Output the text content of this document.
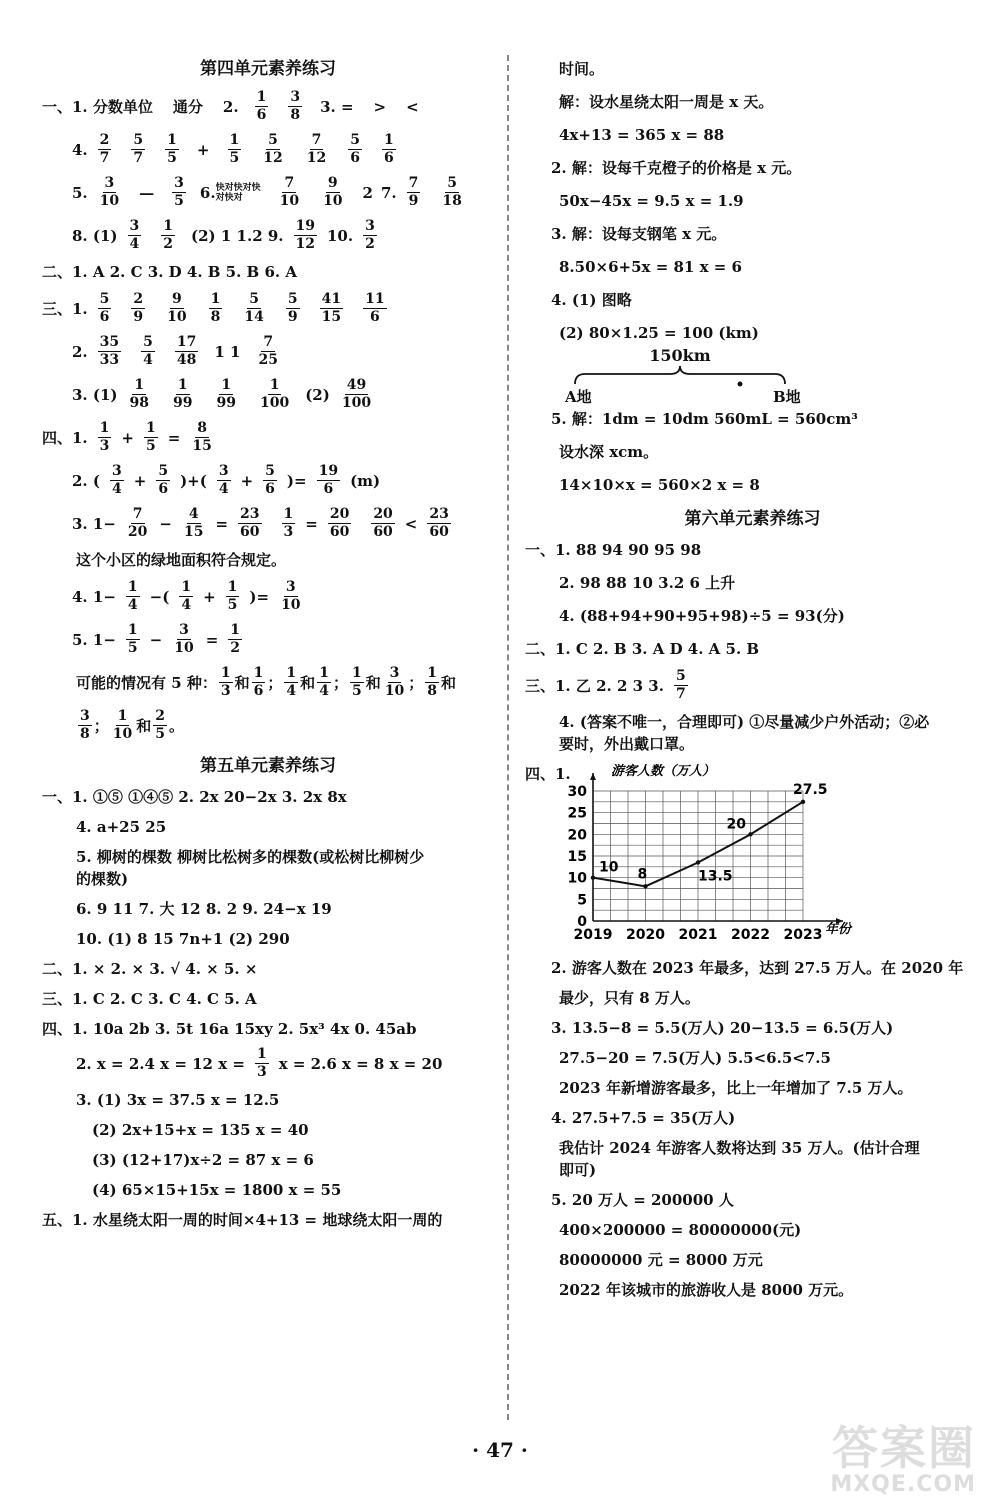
第四单元素养练习
一、1. 分数单位 通分 2. $\frac{1}{6} \frac{3}{8} 3$. = > <
4. $\frac{2}{7} \frac{5}{7} \frac{1}{5} + \frac{1}{5} \frac{5}{12} \frac{7}{12} \frac{5}{6} \frac{1}{6}$
5. $\frac{3}{10}$ — $\frac{3}{5} 6$. 快对快对快对快对	$\frac{7}{10} \frac{9}{10} 2$ 7. $\frac{7}{9} \frac{5}{18}$
8. $(1) \frac{3}{4} \frac{1}{2} (2)$ 1 1.2 9. $\frac{19}{12} 10$. $\frac{3}{2}$

二、1. A 2. C 3. D 4. B 5. B 6. A

三、1. $\frac{5}{6} \frac{2}{9} \frac{9}{10} \frac{1}{8} \frac{5}{14} \frac{5}{9} \frac{41}{15} \frac{11}{6}$
2. $\frac{35}{33} \frac{5}{4} \frac{17}{48} 1$ $1 \frac{7}{25}$
3. $(1) \frac{1}{98} \frac{1}{99} \frac{1}{99} \frac{1}{100} (2) \frac{49}{100}$
四、1. $\frac{1}{3} + \frac{1}{5} = \frac{8}{15}$
2. ( $\frac{3}{4} + \frac{5}{6}$ )+( $\frac{3}{4} + \frac{5}{6}$ )= $\frac{19}{6} (m)$
3. $1- \frac{7}{20} - \frac{4}{15} = \frac{23}{60} \frac{1}{3} = \frac{20}{60} \frac{20}{60} < \frac{23}{60}$

这个小区的绿地面积符合规定。

4. $1- \frac{1}{4}$ −( $\frac{1}{4} + \frac{1}{5}$ )= $\frac{3}{10}$
5. $1- \frac{1}{5} - \frac{3}{10} = \frac{1}{2}$
可能的情况有 5 种： $\frac{1}{3}$ 和 $\frac{1}{6}$ ； $\frac{1}{4}$ 和 $\frac{1}{4}$ ； $\frac{1}{5}$ 和 $\frac{3}{10}$ ； $\frac{1}{8}$ 和
$\frac{3}{8}$ ； $\frac{1}{10}$ 和 $\frac{2}{5}$ 。
第五单元素养练习

一、1. ①⑤ ①④⑤ 2. 2x 20−2x 3. 2x 8x

4. a+25 25

5. 柳树的棵数 柳树比松树多的棵数(或松树比柳树少

的棵数)

6. 9 11 7. 大 12 8. 2 9. 24−x 19

10. (1) 8 15 7n+1 (2) 290

二、1. × 2. × 3. √ 4. × 5. ×

三、1. C 2. C 3. C 4. C 5. A

四、1. 10a 2b 3. 5t 16a 15xy 2. 5x³ 4x 0. 45ab

2. x = 2.4 x = 12 $x = \frac{1}{3}$ x = 2.6 x = 8 x = 20

3. (1) 3x = 37.5 x = 12.5

(2) 2x+15+x = 135 x = 40

(3) (12+17)x÷2 = 87 x = 6

(4) 65×15+15x = 1800 x = 55

五、1. 水星绕太阳一周的时间×4+13 = 地球绕太阳一周的

时间。

解：设水星绕太阳一周是 x 天。

4x+13 = 365 x = 88

2. 解：设每千克橙子的价格是 x 元。

50x−45x = 9.5 x = 1.9

3. 解：设每支钢笔 x 元。

8.50×6+5x = 81 x = 6

4. (1) 图略

(2) 80×1.25 = 100 (km)

150km
A地	B地

5. 解：1dm = 10dm 560mL = 560cm³

设水深 xcm。

14×10×x = 560×2 x = 8

第六单元素养练习

一、1. 88 94 90 95 98

2. 98 88 10 3.2 6 上升

4. (88+94+90+95+98)÷5 = 93(分)

二、1. C 2. B 3. A D 4. A 5. B

三、1. 乙 2. 2 3 3. $\frac{5}{7}$

4. (答案不唯一，合理即可) ①尽量减少户外活动；②必

要时，外出戴口罩。

四、1.
0
5
10
15
20
25
30
2019 2020 2021 2022 2023
游客人数（万人）
年份
10 8	13.5
20
27.5

2. 游客人数在 2023 年最多，达到 27.5 万人。在 2020 年

最少，只有 8 万人。

3. 13.5−8 = 5.5(万人) 20−13.5 = 6.5(万人)

27.5−20 = 7.5(万人) 5.5<6.5<7.5

2023 年新增游客最多，比上一年增加了 7.5 万人。

4. 27.5+7.5 = 35(万人)

我估计 2024 年游客人数将达到 35 万人。(估计合理

即可)

5. 20 万人 = 200000 人

400×200000 = 80000000(元)

80000000 元 = 8000 万元

2022 年该城市的旅游收人是 8000 万元。

· 47 ·	答案圈
MXQE.COM
